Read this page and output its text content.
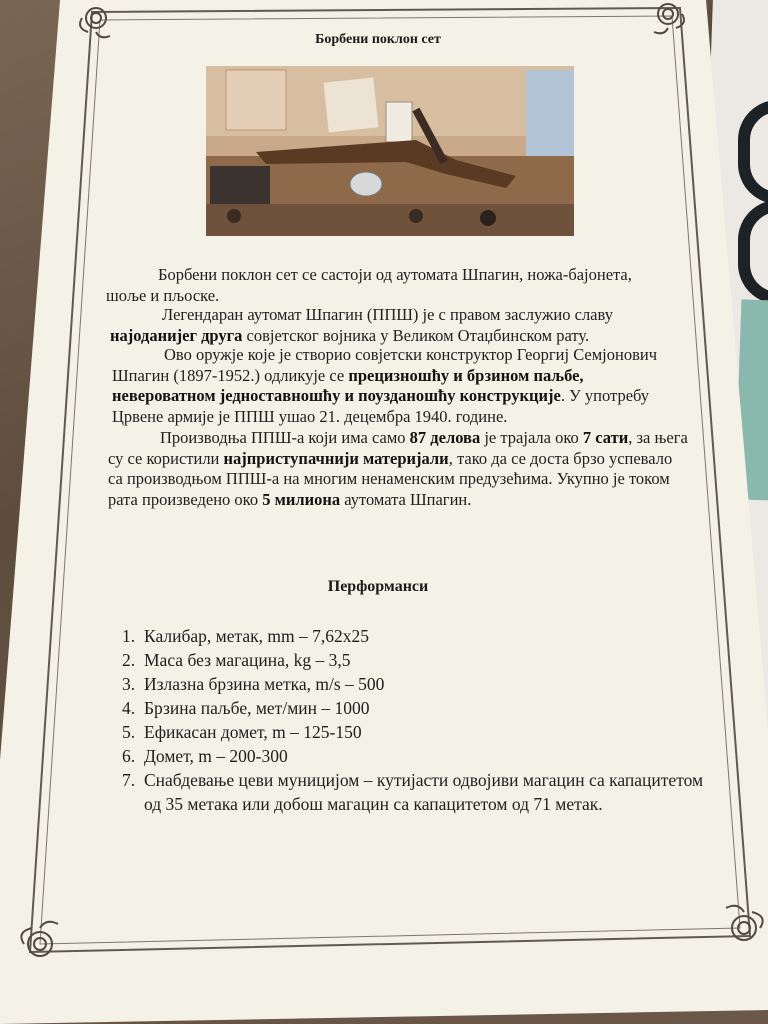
Борбени поклон сет
Борбени поклон сет се састоји од аутомата Шпагин, ножа-бајонета, шоље и пљоске.
Легендаран аутомат Шпагин (ППШ) је с правом заслужио славу најоданијег друга совјетског војника у Великом Отаџбинском рату.
Ово оружје које је створио совјетски конструктор Георгиј Семјонович Шпагин (1897-1952.) одликује се прецизношћу и брзином паљбе, невероватном једноставношћу и поузданошћу конструкције. У употребу Црвене армије је ППШ ушао 21. децембра 1940. године.
Производња ППШ-а који има само 87 делова је трајала око 7 сати, за њега су се користили најприступачнији материјали, тако да се доста брзо успевало са производњом ППШ-а на многим ненаменским предузећима. Укупно је током рата произведено око 5 милиона аутомата Шпагин.
Перформанси
1. Калибар, метак, mm – 7,62х25
2. Маса без магацина, kg – 3,5
3. Излазна брзина метка, m/s – 500
4. Брзина паљбе, мет/мин – 1000
5. Ефикасан домет, m – 125-150
6. Домет, m – 200-300
7. Снабдевање цеви муницијом – кутијасти одвојиви магацин са капацитетом од 35 метака или добош магацин са капацитетом од 71 метак.
